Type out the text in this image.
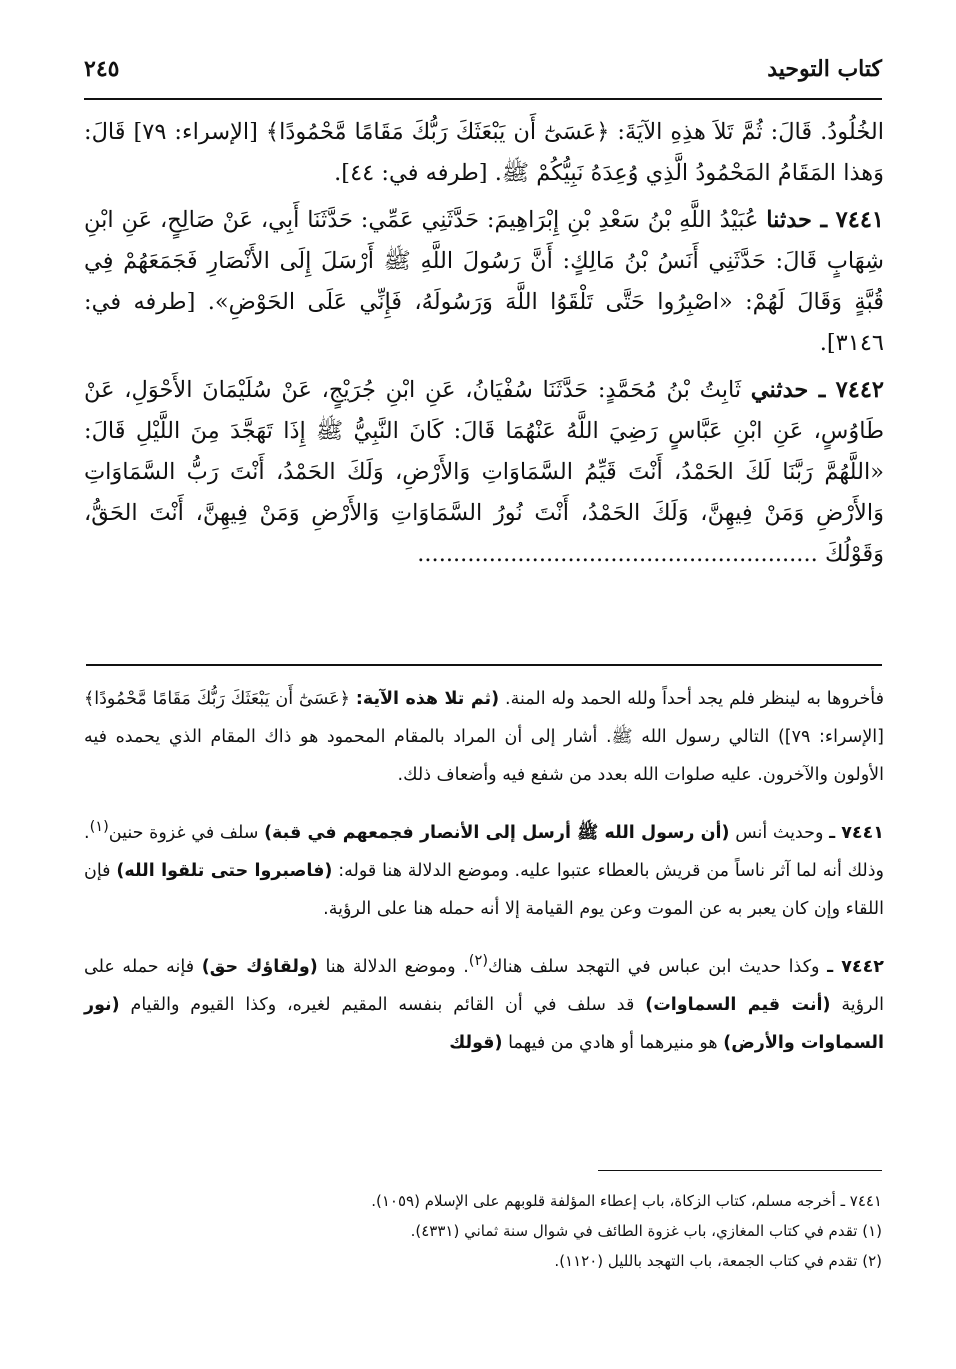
كتاب التوحيد
٢٤٥

الخُلُودُ. قَالَ: ثُمَّ تَلاَ هذِهِ الآيَةَ: ﴿عَسَىٰٓ أَن يَبْعَثَكَ رَبُّكَ مَقَامًا مَّحْمُودًا﴾ [الإسراء: ٧٩] قَالَ: وَهذا المَقَامُ المَحْمُودُ الَّذِي وُعِدَهُ نَبِيُّكُمْ ﷺ. [طرفه في: ٤٤].

٧٤٤١ ـ حدثنا عُبَيْدُ اللَّهِ بْنُ سَعْدِ بْنِ إِبْرَاهِيمَ: حَدَّثَنِي عَمِّي: حَدَّثَنَا أَبِي، عَنْ صَالِحٍ، عَنِ ابْنِ شِهَابٍ قَالَ: حَدَّثَنِي أَنَسُ بْنُ مَالِكٍ: أَنَّ رَسُولَ اللَّهِ ﷺ أَرْسَلَ إِلَى الأَنْصَارِ فَجَمَعَهُمْ فِي قُبَّةٍ وَقَالَ لَهُمْ: «اصْبِرُوا حَتَّى تَلْقَوُا اللَّهَ وَرَسُولَهُ، فَإِنِّي عَلَى الحَوْضِ». [طرفه في: ٣١٤٦].

٧٤٤٢ ـ حدثني ثَابِتُ بْنُ مُحَمَّدٍ: حَدَّثَنَا سُفْيَانُ، عَنِ ابْنِ جُرَيْجٍ، عَنْ سُلَيْمَانَ الأَحْوَلِ، عَنْ طَاوُسٍ، عَنِ ابْنِ عَبَّاسٍ رَضِيَ اللَّهُ عَنْهُمَا قَالَ: كَانَ النَّبِيُّ ﷺ إِذَا تَهَجَّدَ مِنَ اللَّيْلِ قَالَ: «اللَّهُمَّ رَبَّنَا لَكَ الحَمْدُ، أَنْتَ قَيِّمُ السَّمَاوَاتِ وَالأَرْضِ، وَلَكَ الحَمْدُ، أَنْتَ رَبُّ السَّمَاوَاتِ وَالأَرْضِ وَمَنْ فِيهِنَّ، وَلَكَ الحَمْدُ، أَنْتَ نُورُ السَّمَاوَاتِ وَالأَرْضِ وَمَنْ فِيهِنَّ، أَنْتَ الحَقُّ، وَقَوْلُكَ ........................................................

فأخروها به لينظر فلم يجد أحداً ولله الحمد وله المنة. (ثم تلا هذه الآية: ﴿عَسَىٰٓ أَن يَبْعَثَكَ رَبُّكَ مَقَامًا مَّحْمُودًا﴾ [الإسراء: ٧٩]) التالي رسول الله ﷺ. أشار إلى أن المراد بالمقام المحمود هو ذاك المقام الذي يحمده فيه الأولون والآخرون. عليه صلوات الله بعدد من شفع فيه وأضعاف ذلك.

٧٤٤١ ـ وحديث أنس (أن رسول الله ﷺ أرسل إلى الأنصار فجمعهم في قبة) سلف في غزوة حنين$^{(١)}$. وذلك أنه لما آثر ناساً من قريش بالعطاء عتبوا عليه. وموضع الدلالة هنا قوله: (فاصبروا حتى تلقوا الله) فإن اللقاء وإن كان يعبر به عن الموت وعن يوم القيامة إلا أنه حمله هنا على الرؤية.

٧٤٤٢ ـ وكذا حديث ابن عباس في التهجد سلف هناك$^{(٢)}$. وموضع الدلالة هنا (ولقاؤك حق) فإنه حمله على الرؤية (أنت قيم السماوات) قد سلف في أن القائم بنفسه المقيم لغيره، وكذا القيوم والقيام (نور السماوات والأرض) هو منيرهما أو هادي من فيهما (قولك

٧٤٤١ ـ أخرجه مسلم، كتاب الزكاة، باب إعطاء المؤلفة قلوبهم على الإسلام (١٠٥٩).

(١) تقدم في كتاب المغازي، باب غزوة الطائف في شوال سنة ثماني (٤٣٣١).

(٢) تقدم في كتاب الجمعة، باب التهجد بالليل (١١٢٠).
